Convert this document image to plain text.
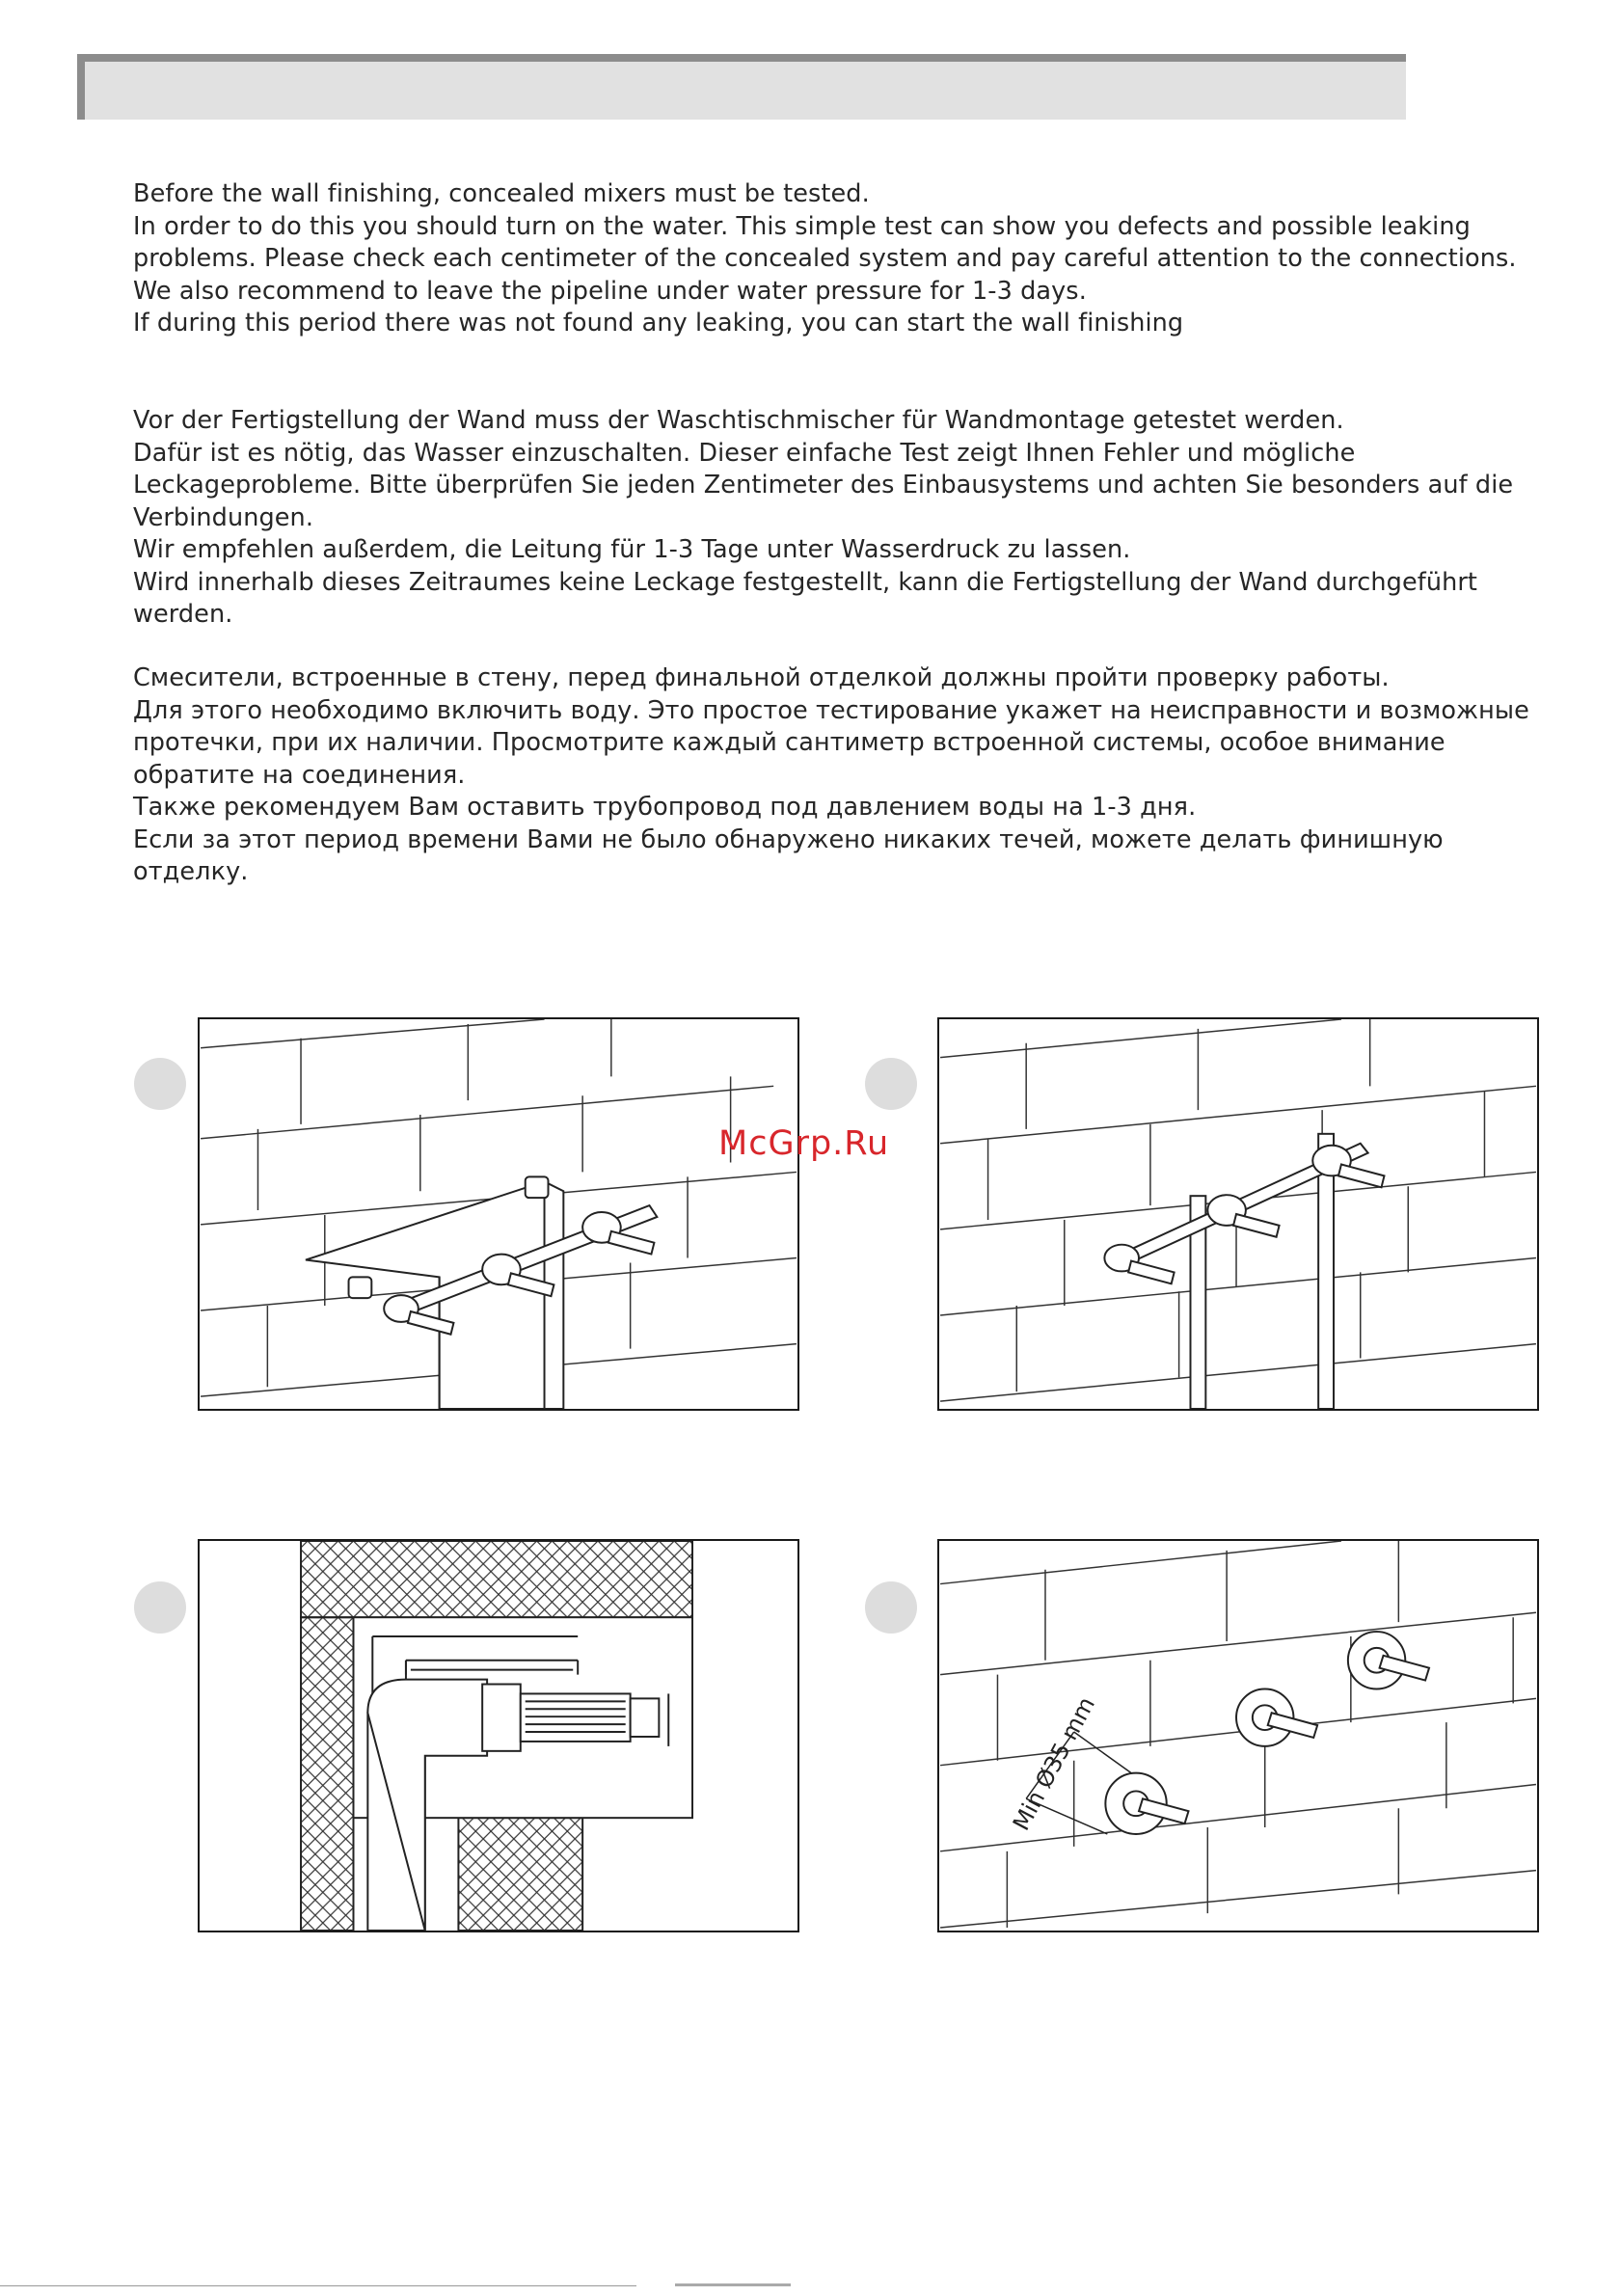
Before the wall finishing, concealed mixers must be tested.

In order to do this you should turn on the water. This simple test can show you defects and possible leaking problems. Please check each centimeter of the concealed system and pay careful attention to the connections.

We also recommend to leave the pipeline under water pressure for 1-3 days.

If during this period there was not found any leaking, you can start the wall finishing

Vor der Fertigstellung der Wand muss der Waschtischmischer für Wandmontage getestet werden.

Dafür ist es nötig, das Wasser einzuschalten. Dieser einfache Test zeigt Ihnen Fehler und mögliche Leckageprobleme. Bitte überprüfen Sie jeden Zentimeter des Einbausystems und achten Sie besonders auf die Verbindungen.

Wir empfehlen außerdem, die Leitung für 1-3 Tage unter Wasserdruck zu lassen.

Wird innerhalb dieses Zeitraumes keine Leckage festgestellt, kann die Fertigstellung der Wand durchgeführt werden.

Смесители, встроенные в стену, перед финальной отделкой должны пройти проверку работы.

Для этого необходимо включить воду. Это простое тестирование укажет на неисправности и возможные протечки, при их наличии. Просмотрите каждый сантиметр встроенной системы, особое внимание обратите на соединения.

Также рекомендуем Вам оставить трубопровод под давлением воды на 1-3 дня.

Если за этот период времени Вами не было обнаружено никаких течей, можете делать финишную отделку.

Min Ø35 mm
McGrp.Ru
